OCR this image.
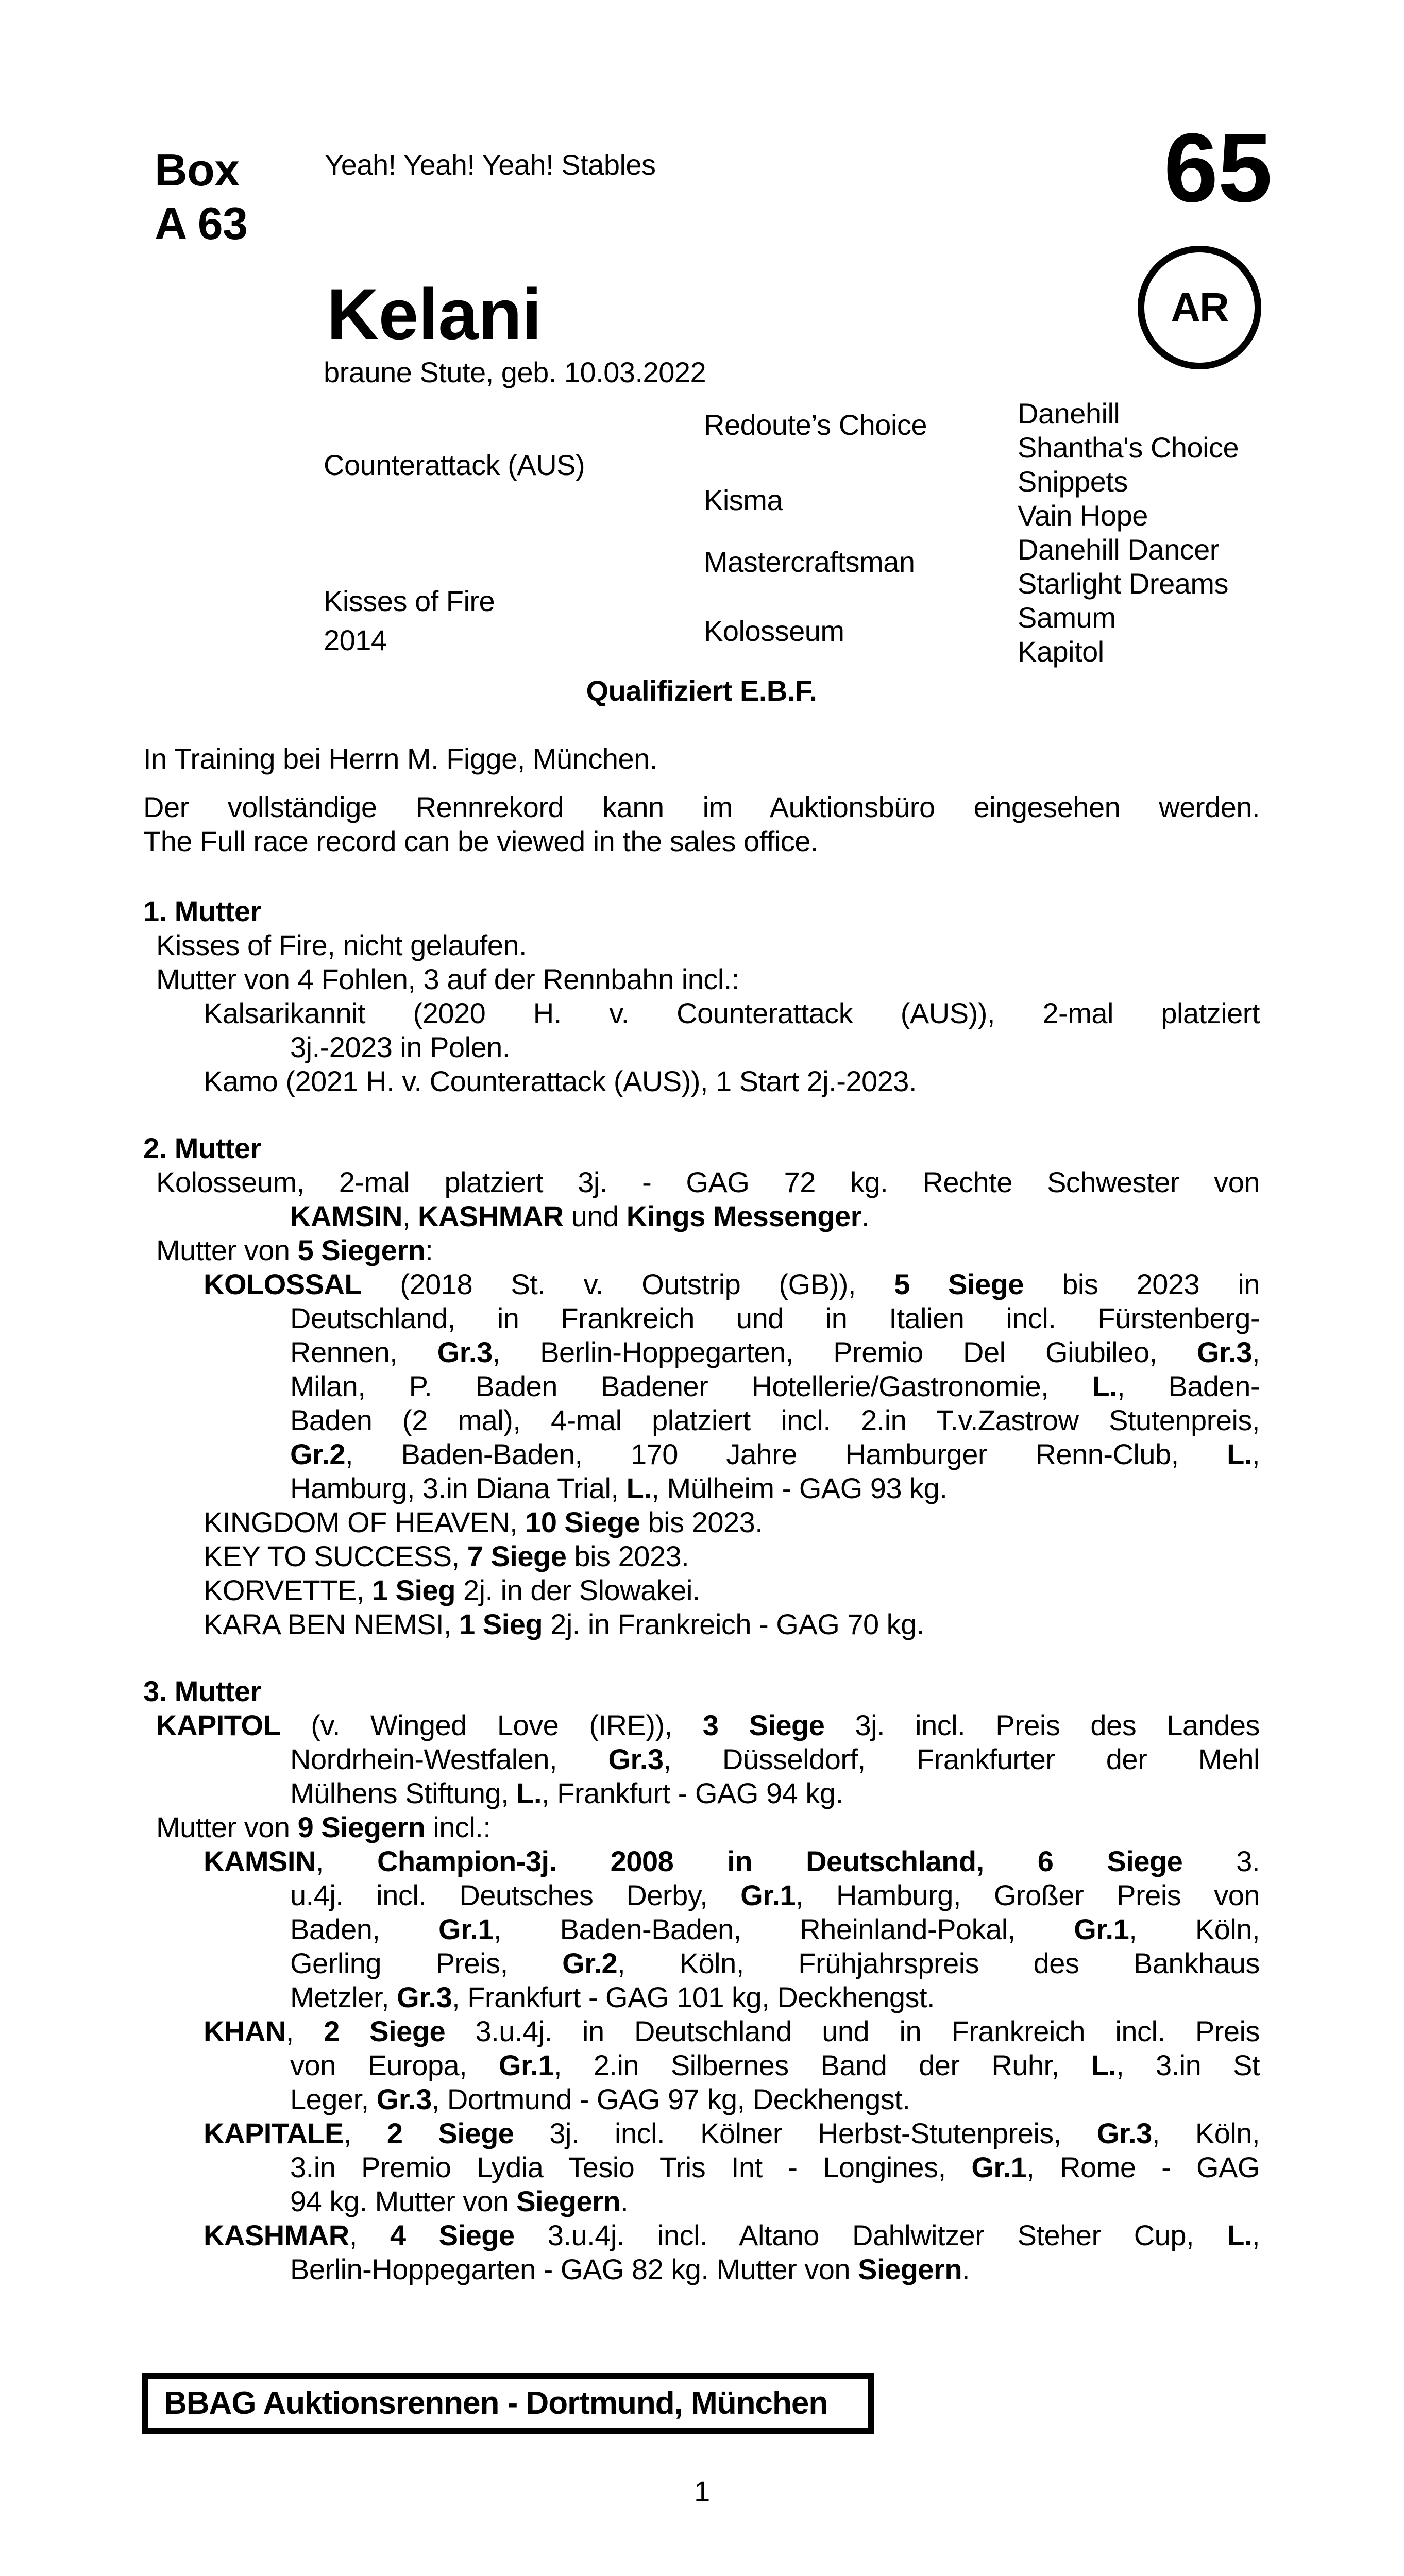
Box
A 63
Yeah! Yeah! Yeah! Stables	65
AR
Kelani
braune Stute, geb. 10.03.2022
Counterattack (AUS)
Kisses of Fire
2014
Redoute’s Choice
Kisma
Mastercraftsman
Kolosseum
Danehill
Shantha's Choice
Snippets
Vain Hope
Danehill Dancer
Starlight Dreams
Samum
Kapitol
Qualifiziert E.B.F.
In Training bei Herrn M. Figge, München.
Der vollständige Rennrekord kann im Auktionsbüro eingesehen werden.
The Full race record can be viewed in the sales office.
1. Mutter
Kisses of Fire, nicht gelaufen.
Mutter von 4 Fohlen, 3 auf der Rennbahn incl.:
Kalsarikannit (2020 H. v. Counterattack (AUS)), 2-mal platziert
3j.-2023 in Polen.
Kamo (2021 H. v. Counterattack (AUS)), 1 Start 2j.-2023.
2. Mutter
Kolosseum, 2-mal platziert 3j. - GAG 72 kg. Rechte Schwester von
KAMSIN, KASHMAR und Kings Messenger.
Mutter von 5 Siegern:
KOLOSSAL (2018 St. v. Outstrip (GB)), 5 Siege bis 2023 in
Deutschland, in Frankreich und in Italien incl. Fürstenberg-
Rennen, Gr.3, Berlin-Hoppegarten, Premio Del Giubileo, Gr.3,
Milan, P. Baden Badener Hotellerie/Gastronomie, L., Baden-
Baden (2 mal), 4-mal platziert incl. 2.in T.v.Zastrow Stutenpreis,
Gr.2, Baden-Baden, 170 Jahre Hamburger Renn-Club, L.,
Hamburg, 3.in Diana Trial, L., Mülheim - GAG 93 kg.
KINGDOM OF HEAVEN, 10 Siege bis 2023.
KEY TO SUCCESS, 7 Siege bis 2023.
KORVETTE, 1 Sieg 2j. in der Slowakei.
KARA BEN NEMSI, 1 Sieg 2j. in Frankreich - GAG 70 kg.
3. Mutter
KAPITOL (v. Winged Love (IRE)), 3 Siege 3j. incl. Preis des Landes
Nordrhein-Westfalen, Gr.3, Düsseldorf, Frankfurter der Mehl
Mülhens Stiftung, L., Frankfurt - GAG 94 kg.
Mutter von 9 Siegern incl.:
KAMSIN, Champion-3j. 2008 in Deutschland, 6 Siege 3.
u.4j. incl. Deutsches Derby, Gr.1, Hamburg, Großer Preis von
Baden, Gr.1, Baden-Baden, Rheinland-Pokal, Gr.1, Köln,
Gerling Preis, Gr.2, Köln, Frühjahrspreis des Bankhaus
Metzler, Gr.3, Frankfurt - GAG 101 kg, Deckhengst.
KHAN, 2 Siege 3.u.4j. in Deutschland und in Frankreich incl. Preis
von Europa, Gr.1, 2.in Silbernes Band der Ruhr, L., 3.in St
Leger, Gr.3, Dortmund - GAG 97 kg, Deckhengst.
KAPITALE, 2 Siege 3j. incl. Kölner Herbst-Stutenpreis, Gr.3, Köln,
3.in Premio Lydia Tesio Tris Int - Longines, Gr.1, Rome - GAG
94 kg. Mutter von Siegern.
KASHMAR, 4 Siege 3.u.4j. incl. Altano Dahlwitzer Steher Cup, L.,
Berlin-Hoppegarten - GAG 82 kg. Mutter von Siegern.
BBAG Auktionsrennen - Dortmund, München
1
